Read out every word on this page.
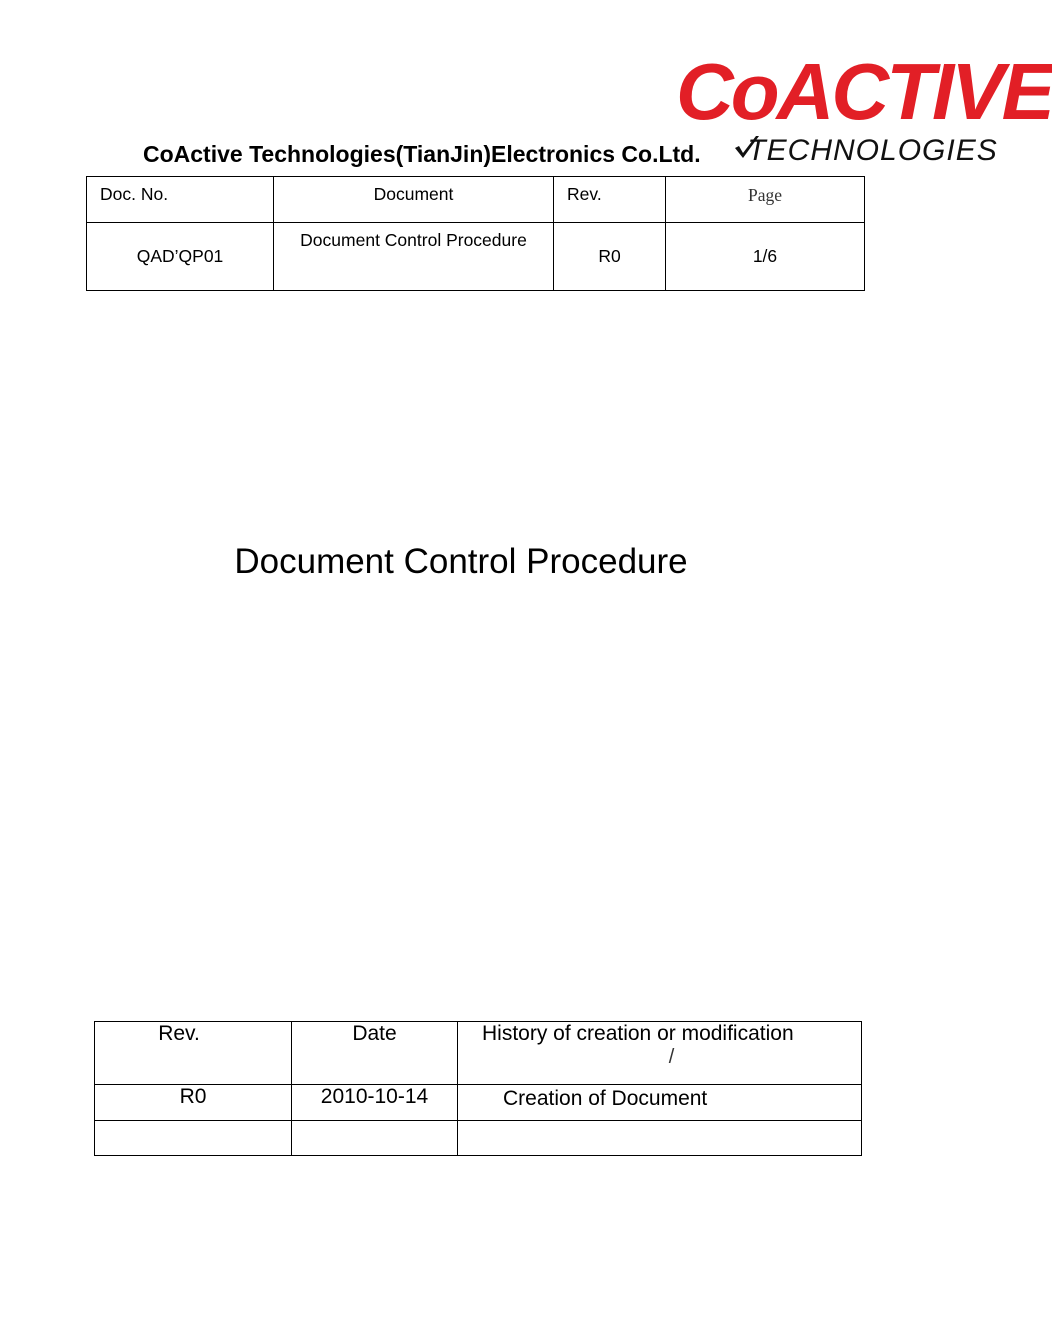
CoACTIVE
TECHNOLOGIES
CoActive Technologies(TianJin)Electronics Co.Ltd.
Doc. No.	Document	Rev.	Page
QAD’QP01	Document Control Procedure	R0	1/6
Document Control Procedure
Rev.	Date	History of creation or modification
/

R0	2010-10-14	Creation of Document
